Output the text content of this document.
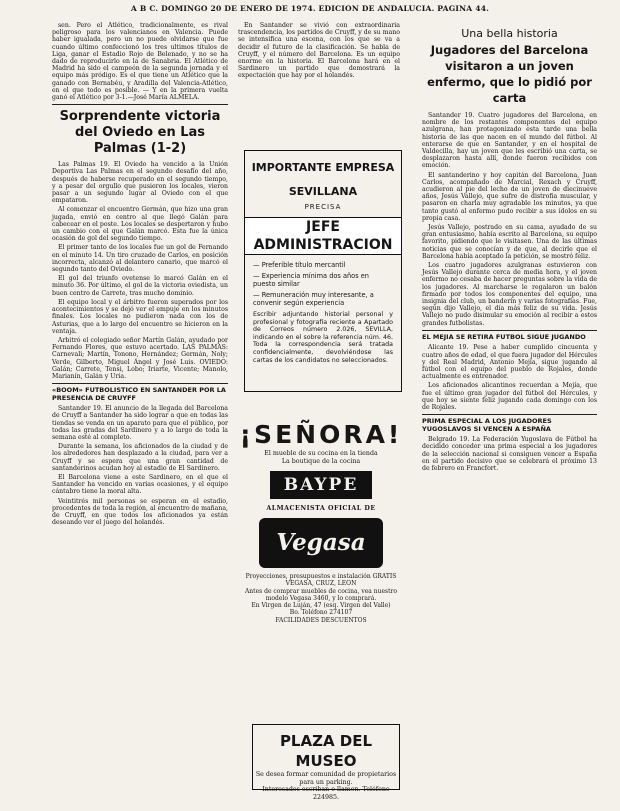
A B C. DOMINGO 20 DE ENERO DE 1974. EDICION DE ANDALUCIA. PAGINA 44.

sen. Pero el Atlético, tradicionalmente, es rival peligroso para los valencianos en Valencia. Puede haber igualada, pero un no puede olvidarse que fue cuando último confeccionó los tres ultimos títulos de Liga, ganar el Estadio Rojo de Belenado, y no se ha dado de reproducirlo en la de Sanabria. El Atlético de Madrid ha sido el campeón de la segunda jornada y el equipo más pródigo. Es el que tiene un Atlético que la ganado con Bernabéu, y Aradilla del Valencia-Atlético, en el que todo es posible. — Y en la primera vuelta ganó el Atlético por 3-1.—José María ALMELA.

Sorprendente victoria del Oviedo en Las Palmas (1-2)

Las Palmas 19. El Oviedo ha vencido a la Unión Deportiva Las Palmas en el segundo desafío del año, después de haberse recuperado en el segundo tiempo, y a pesar del orgullo que pusieron los locales, vieron pasar a un segundo lugar al Oviedo con el que empataron.

Al comenzar el encuentro Germán, que hizo una gran jugada, envió en centro al que llegó Galán para cabecear en el poste. Los locales se despertaron y hubo un cambio con el que Galán marcó. Esta fue la única ocasión de gol del segundo tiempo.

El primer tanto de los locales fue un gol de Fernando en el minuto 14. Un tiro cruzado de Carlos, en posición incorrecta, alcanzó al delantero canario, que marcó el segundo tanto del Oviedo.

El gol del triunfo ovetense lo marcó Galán en el minuto 36. Por último, el gol de la victoria oviedista, un buen centro de Carrete, tras mucho dominio.

El equipo local y el árbitro fueron superados por los acontecimientos y se dejó ver el empuje en los minutos finales. Los locales no pudieron nada con los de Asturias, que a lo largo del encuentro se hicieron en la ventaja.

Arbitró el colegiado señor Martín Galán, ayudado por Fernando Flores, que estuvo acertado. LAS PALMAS: Carnevali; Martín, Tonono, Hernández; Germán, Noly; Verde, Gilberto, Miguel Ángel y José Luis. OVIEDO: Galán; Carrete, Tensi, Lobo; Iriarte, Vicente; Manolo, Marianín, Galán y Uría.

«BOOM» FUTBOLISTICO EN SANTANDER POR LA PRESENCIA DE CRUYFF

Santander 19. El anuncio de la llegada del Barcelona de Cruyff a Santander ha sido lograr a que en todas las tiendas se venda en un aparato para que el público, por todas las gradas del Sardinero y a lo largo de toda la semana esté al completo.

Durante la semana, los aficionados de la ciudad y de los alrededores han desplazado a la ciudad, para ver a Cruyff y se espera que una gran cantidad de santanderinos acudan hoy al estadio de El Sardinero.

El Barcelona viene a este Sardinero, en el que el Santander ha vencido en varias ocasiones, y el equipo cántabro tiene la moral alta.

Veintitrés mil personas se esperan en el estadio, procedentes de toda la región, al encuentro de mañana, de Cruyff, en que todos los aficionados ya están deseando ver el juego del holandés.

En Santander se vivió con extraordinaria trascendencia, los partidos de Cruyff, y de su mano se intensifica una escena, con los que se va a decidir el futuro de la clasificación. Se habla de Cruyff, y el número del Barcelona. Es un equipo enorme en la historia. El Barcelona hará en el Sardinero un partido que demostrará la expectación que hay por el holandés.

IMPORTANTE EMPRESA
SEVILLANA
PRECISA
JEFE ADMINISTRACION
— Preferible título mercantil
— Experiencia mínima dos años en puesto similar
— Remuneración muy interesante, a convenir según experiencia
Escribir adjuntando historial personal y profesional y fotografía reciente a Apartado de Correos número 2.026, SEVILLA, indicando en el sobre la referencia núm. 46. Toda la correspondencia será tratada confidencialmente, devolviéndose las cartas de los candidatos no seleccionados.
¡SEÑORA!
El mueble de su cocina en la tienda
La boutique de la cocina
BAYPE
ALMACENISTA OFICIAL DE
Vegasa
Proyecciones, presupuestos e instalación GRATIS
VEGASA, CRUZ, LEON
Antes de comprar muebles de cocina, vea nuestro modelo Vegasa 3460, y lo comprará.
En Virgen de Luján, 47 (esq. Virgen del Valle)
Bo. Teléfono 274107
FACILIDADES DESCUENTOS
PLAZA DEL MUSEO
Se desea formar comunidad de propietarios para un parking.
Interesados escriban o llamen. Teléfono 224985.
Una bella historia
Jugadores del Barcelona visitaron a un joven enfermo, que lo pidió por carta

Santander 19. Cuatro jugadores del Barcelona, en nombre de los restantes componentes del equipo azulgrana, han protagonizado esta tarde una bella historia de las que nacen en el mundo del fútbol. Al enterarse de que en Santander, y en el hospital de Valdecilla, hay un joven que les escribió una carta, se desplazaron hasta allí, donde fueron recibidos con emoción.

El santanderino y hoy capitán del Barcelona, Juan Carlos, acompañado de Marcial, Rexach y Cruyff, acudieron al pie del lecho de un joven de diecinueve años, Jesús Vallejo, que sufre de distrofia muscular, y pasaron en charla muy agradable los minutos, ya que tanto gustó al enfermo pudo recibir a sus ídolos en su propia casa.

Jesús Vallejo, postrado en su cama, ayudado de su gran entusiasmo, había escrito al Barcelona, su equipo favorito, pidiendo que le visitasen. Una de las últimas noticias que se conocían y de que, al decirle que el Barcelona había aceptado la petición, se mostró feliz.

Los cuatro jugadores azulgranas estuvieron con Jesús Vallejo durante cerca de media hora, y el joven enfermo no cesaba de hacer preguntas sobre la vida de los jugadores. Al marcharse le regalaron un balón firmado por todos los componentes del equipo, una insignia del club, un banderín y varias fotografías. Fue, según dijo Vallejo, el día más feliz de su vida. Jesús Vallejo no pudo disimular su emoción al recibir a estos grandes futbolistas.

EL MEJIA SE RETIRA FUTBOL SIGUE JUGANDO

Alicante 19. Pese a haber cumplido cincuenta y cuatro años de edad, el que fuera jugador del Hércules y del Real Madrid, Antonio Mejía, sigue jugando al fútbol con el equipo del pueblo de Rojales, donde actualmente es entrenador.

Los aficionados alicantinos recuerdan a Mejía, que fue el último gran jugador del fútbol del Hércules, y que hoy se siente feliz jugando cada domingo con los de Rojales.

PRIMA ESPECIAL A LOS JUGADORES YUGOSLAVOS SI VENCEN A ESPAÑA

Belgrado 19. La Federación Yugoslava de Fútbol ha decidido conceder una prima especial a los jugadores de la selección nacional si consiguen vencer a España en el partido decisivo que se celebrará el próximo 13 de febrero en Francfort.
